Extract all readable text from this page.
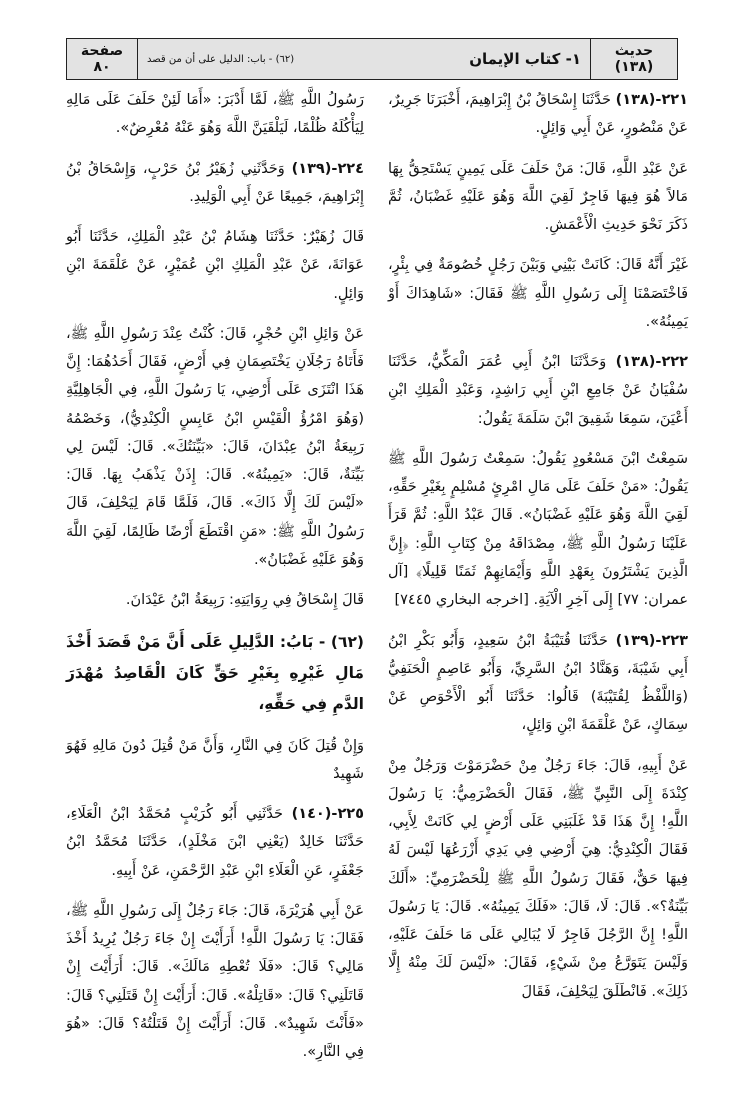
حديث
(١٣٨)
١- كتاب الإيمان
(٦٢) - باب: الدليل على أن من قصد
صفحة
٨٠

٢٢١-(١٣٨) حَدَّثَنَا إِسْحَاقُ بْنُ إِبْرَاهِيمَ، أَخْبَرَنَا جَرِيرٌ، عَنْ مَنْصُورٍ، عَنْ أَبِي وَائِلٍ.

عَنْ عَبْدِ اللَّهِ، قَالَ: مَنْ حَلَفَ عَلَى يَمِينٍ يَسْتَحِقُّ بِهَا مَالاً هُوَ فِيهَا فَاجِرٌ لَقِيَ اللَّهَ وَهُوَ عَلَيْهِ غَضْبَانُ، ثُمَّ ذَكَرَ نَحْوَ حَدِيثِ الْأَعْمَشِ.

غَيْرَ أَنَّهُ قَالَ: كَانَتْ بَيْنِي وَبَيْنَ رَجُلٍ خُصُومَةٌ فِي بِئْرٍ، فَاخْتَصَمْنَا إِلَى رَسُولِ اللَّهِ ﷺ فَقَالَ: «شَاهِدَاكَ أَوْ يَمِينُهُ».

٢٢٢-(١٣٨) وَحَدَّثَنَا ابْنُ أَبِي عُمَرَ الْمَكِّيُّ، حَدَّثَنَا سُفْيَانُ عَنْ جَامِعِ ابْنِ أَبِي رَاشِدٍ، وَعَبْدِ الْمَلِكِ ابْنِ أَعْيَنَ، سَمِعَا شَقِيقَ ابْنَ سَلَمَةَ يَقُولُ:

سَمِعْتُ ابْنَ مَسْعُودٍ يَقُولُ: سَمِعْتُ رَسُولَ اللَّهِ ﷺ يَقُولُ: «مَنْ حَلَفَ عَلَى مَالِ امْرِئٍ مُسْلِمٍ بِغَيْرِ حَقِّهِ، لَقِيَ اللَّهَ وَهُوَ عَلَيْهِ غَضْبَانُ». قَالَ عَبْدُ اللَّهِ: ثُمَّ قَرَأَ عَلَيْنَا رَسُولُ اللَّهِ ﷺ، مِصْدَاقَهُ مِنْ كِتَابِ اللَّهِ: ﴿إِنَّ الَّذِينَ يَشْتَرُونَ بِعَهْدِ اللَّهِ وَأَيْمَانِهِمْ ثَمَنًا قَلِيلًا﴾ [آل عمران: ٧٧] إِلَى آخِرِ الْآيَةِ. [اخرجه البخاري ٧٤٤٥]

٢٢٣-(١٣٩) حَدَّثَنَا قُتَيْبَةُ ابْنُ سَعِيدٍ، وَأَبُو بَكْرِ ابْنُ أَبِي شَيْبَةَ، وَهَنَّادُ ابْنُ السَّرِيِّ، وَأَبُو عَاصِمٍ الْحَنَفِيُّ (وَاللَّفْظُ لِقُتَيْبَةَ) قَالُوا: حَدَّثَنَا أَبُو الْأَحْوَصِ عَنْ سِمَاكٍ، عَنْ عَلْقَمَةَ ابْنِ وَائِلٍ،

عَنْ أَبِيهِ، قَالَ: جَاءَ رَجُلٌ مِنْ حَضْرَمَوْتَ وَرَجُلٌ مِنْ كِنْدَةَ إِلَى النَّبِيِّ ﷺ، فَقَالَ الْحَضْرَمِيُّ: يَا رَسُولَ اللَّهِ! إِنَّ هَذَا قَدْ غَلَبَنِي عَلَى أَرْضٍ لِي كَانَتْ لِأَبِي، فَقَالَ الْكِنْدِيُّ: هِيَ أَرْضِي فِي يَدِي أَزْرَعُهَا لَيْسَ لَهُ فِيهَا حَقٌّ، فَقَالَ رَسُولُ اللَّهِ ﷺ لِلْحَضْرَمِيِّ: «أَلَكَ بَيِّنَةٌ؟». قَالَ: لَا، قَالَ: «فَلَكَ يَمِينُهُ». قَالَ: يَا رَسُولَ اللَّهِ! إِنَّ الرَّجُلَ فَاجِرٌ لَا يُبَالِي عَلَى مَا حَلَفَ عَلَيْهِ، وَلَيْسَ يَتَوَرَّعُ مِنْ شَيْءٍ، فَقَالَ: «لَيْسَ لَكَ مِنْهُ إِلَّا ذَلِكَ». فَانْطَلَقَ لِيَحْلِفَ، فَقَالَ

رَسُولُ اللَّهِ ﷺ، لَمَّا أَدْبَرَ: «أَمَا لَئِنْ حَلَفَ عَلَى مَالِهِ لِيَأْكُلَهُ ظُلْمًا، لَيَلْقَيَنَّ اللَّهَ وَهُوَ عَنْهُ مُعْرِضٌ».

٢٢٤-(١٣٩) وَحَدَّثَنِي زُهَيْرُ بْنُ حَرْبٍ، وَإِسْحَاقُ بْنُ إِبْرَاهِيمَ، جَمِيعًا عَنْ أَبِي الْوَلِيدِ.

قَالَ زُهَيْرٌ: حَدَّثَنَا هِشَامُ بْنُ عَبْدِ الْمَلِكِ، حَدَّثَنَا أَبُو عَوَانَةَ، عَنْ عَبْدِ الْمَلِكِ ابْنِ عُمَيْرٍ، عَنْ عَلْقَمَةَ ابْنِ وَائِلٍ.

عَنْ وَائِلِ ابْنِ حُجْرٍ، قَالَ: كُنْتُ عِنْدَ رَسُولِ اللَّهِ ﷺ، فَأَتَاهُ رَجُلَانِ يَخْتَصِمَانِ فِي أَرْضٍ، فَقَالَ أَحَدُهُمَا: إِنَّ هَذَا انْتَزَى عَلَى أَرْضِي، يَا رَسُولَ اللَّهِ، فِي الْجَاهِلِيَّةِ (وَهُوَ امْرُؤُ الْقَيْسِ ابْنُ عَابِسٍ الْكِنْدِيُّ)، وَخَصْمُهُ رَبِيعَةُ ابْنُ عِبْدَانَ، قَالَ: «بَيِّنَتُكَ». قَالَ: لَيْسَ لِي بَيِّنَةٌ، قَالَ: «يَمِينُهُ». قَالَ: إِذَنْ يَذْهَبُ بِهَا. قَالَ: «لَيْسَ لَكَ إِلَّا ذَاكَ». قَالَ، فَلَمَّا قَامَ لِيَحْلِفَ، قَالَ رَسُولُ اللَّهِ ﷺ: «مَنِ اقْتَطَعَ أَرْضًا ظَالِمًا، لَقِيَ اللَّهَ وَهُوَ عَلَيْهِ غَضْبَانُ».

قَالَ إِسْحَاقُ فِي رِوَايَتِهِ: رَبِيعَةُ ابْنُ عَيْدَانَ.

(٦٢) - بَابُ: الدَّلِيلِ عَلَى أَنَّ مَنْ قَصَدَ أَخْذَ مَالِ غَيْرِهِ بِغَيْرِ حَقٍّ كَانَ الْقَاصِدُ مُهْدَرَ الدَّمِ فِي حَقِّهِ،

وَإِنْ قُتِلَ كَانَ فِي النَّارِ، وَأَنَّ مَنْ قُتِلَ دُونَ مَالِهِ فَهُوَ شَهِيدٌ

٢٢٥-(١٤٠) حَدَّثَنِي أَبُو كُرَيْبٍ مُحَمَّدُ ابْنُ الْعَلَاءِ، حَدَّثَنَا خَالِدٌ (يَعْنِي ابْنَ مَخْلَدٍ)، حَدَّثَنَا مُحَمَّدُ ابْنُ جَعْفَرٍ، عَنِ الْعَلَاءِ ابْنِ عَبْدِ الرَّحْمَنِ، عَنْ أَبِيهِ.

عَنْ أَبِي هُرَيْرَةَ، قَالَ: جَاءَ رَجُلٌ إِلَى رَسُولِ اللَّهِ ﷺ، فَقَالَ: يَا رَسُولَ اللَّهِ! أَرَأَيْتَ إِنْ جَاءَ رَجُلٌ يُرِيدُ أَخْذَ مَالِي؟ قَالَ: «فَلَا تُعْطِهِ مَالَكَ». قَالَ: أَرَأَيْتَ إِنْ قَاتَلَنِي؟ قَالَ: «قَاتِلْهُ». قَالَ: أَرَأَيْتَ إِنْ قَتَلَنِي؟ قَالَ: «فَأَنْتَ شَهِيدٌ». قَالَ: أَرَأَيْتَ إِنْ قَتَلْتُهُ؟ قَالَ: «هُوَ فِي النَّارِ».
